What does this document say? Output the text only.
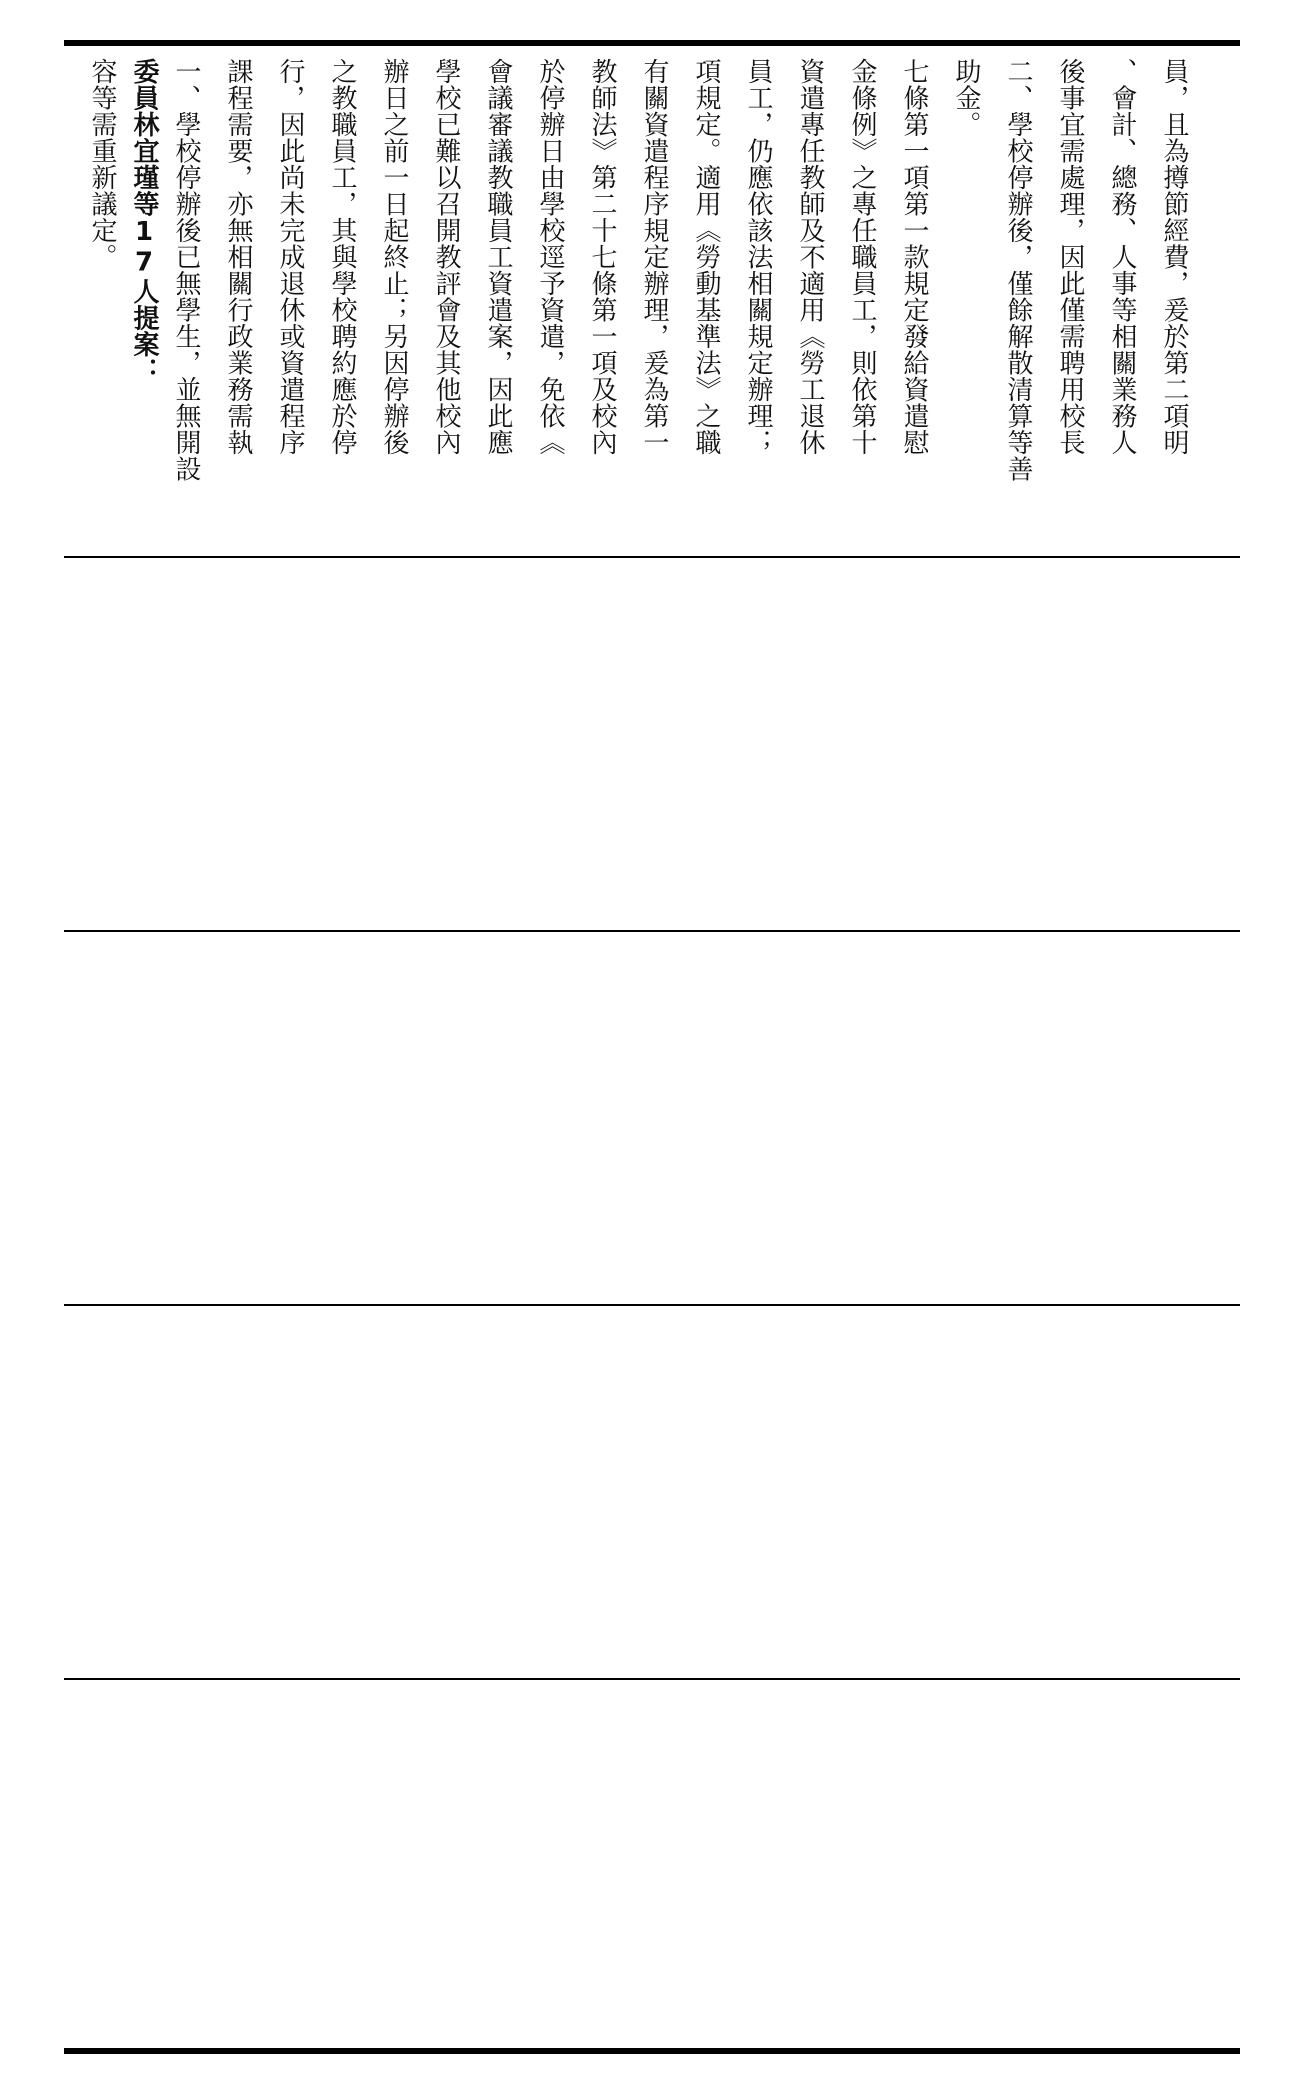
容等需重新議定。 委員林宜瑾等17人提案： 一、學校停辦後已無學生，並無開設 課程需要，亦無相關行政業務需執 行，因此尚未完成退休或資遣程序 之教職員工，其與學校聘約應於停 辦日之前一日起終止；另因停辦後 學校已難以召開教評會及其他校內 會議審議教職員工資遣案，因此應 於停辦日由學校逕予資遣，免依《 教師法》第二十七條第一項及校內 有關資遣程序規定辦理，爰為第一 項規定。適用《勞動基準法》之職 員工，仍應依該法相關規定辦理； 資遣專任教師及不適用《勞工退休 金條例》之專任職員工，則依第十 七條第一項第一款規定發給資遣慰 助金。 二、學校停辦後，僅餘解散清算等善 後事宜需處理，因此僅需聘用校長 、會計、總務、人事等相關業務人 員，且為撙節經費，爰於第二項明
